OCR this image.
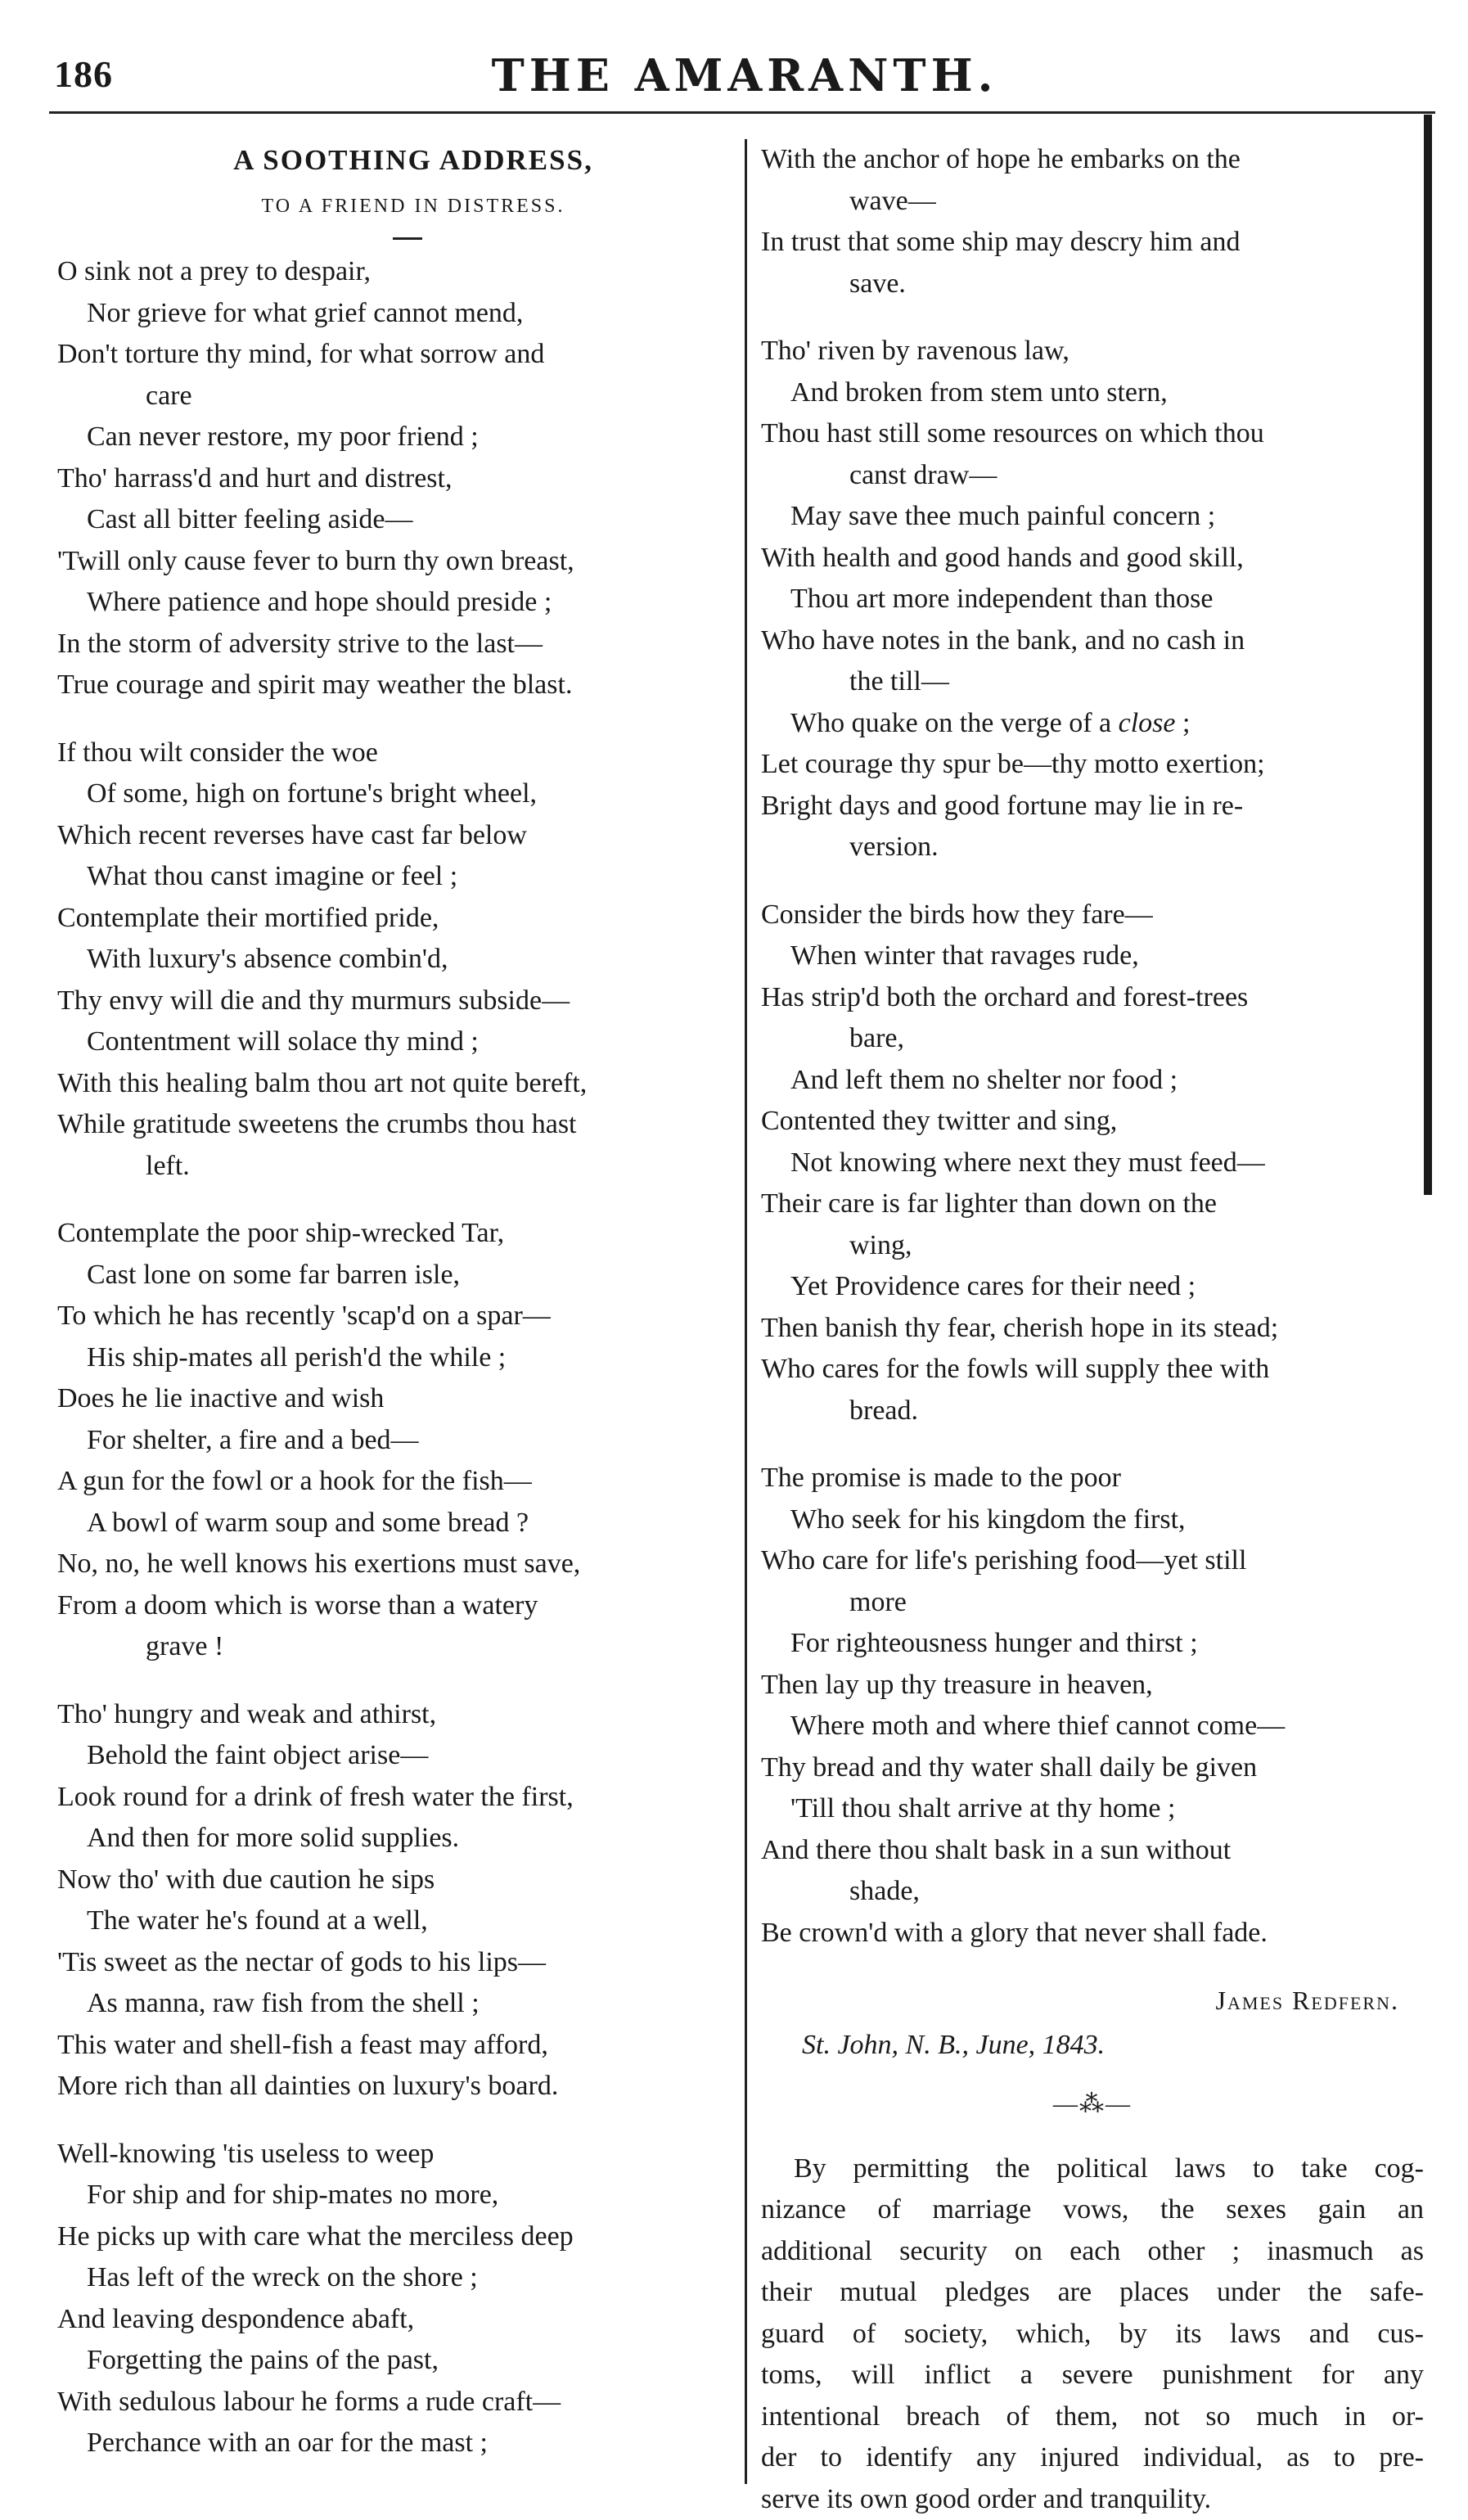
186	THE AMARANTH.
A SOOTHING ADDRESS,
TO A FRIEND IN DISTRESS.
O sink not a prey to despair,
Nor grieve for what grief cannot mend,
Don't torture thy mind, for what sorrow and
care
Can never restore, my poor friend ;
Tho' harrass'd and hurt and distrest,
Cast all bitter feeling aside—
'Twill only cause fever to burn thy own breast,
Where patience and hope should preside ;
In the storm of adversity strive to the last—
True courage and spirit may weather the blast.
If thou wilt consider the woe
Of some, high on fortune's bright wheel,
Which recent reverses have cast far below
What thou canst imagine or feel ;
Contemplate their mortified pride,
With luxury's absence combin'd,
Thy envy will die and thy murmurs subside—
Contentment will solace thy mind ;
With this healing balm thou art not quite bereft,
While gratitude sweetens the crumbs thou hast
left.
Contemplate the poor ship-wrecked Tar,
Cast lone on some far barren isle,
To which he has recently 'scap'd on a spar—
His ship-mates all perish'd the while ;
Does he lie inactive and wish
For shelter, a fire and a bed—
A gun for the fowl or a hook for the fish—
A bowl of warm soup and some bread ?
No, no, he well knows his exertions must save,
From a doom which is worse than a watery
grave !
Tho' hungry and weak and athirst,
Behold the faint object arise—
Look round for a drink of fresh water the first,
And then for more solid supplies.
Now tho' with due caution he sips
The water he's found at a well,
'Tis sweet as the nectar of gods to his lips—
As manna, raw fish from the shell ;
This water and shell-fish a feast may afford,
More rich than all dainties on luxury's board.
Well-knowing 'tis useless to weep
For ship and for ship-mates no more,
He picks up with care what the merciless deep
Has left of the wreck on the shore ;
And leaving despondence abaft,
Forgetting the pains of the past,
With sedulous labour he forms a rude craft—
Perchance with an oar for the mast ;
With the anchor of hope he embarks on the
wave—
In trust that some ship may descry him and
save.
Tho' riven by ravenous law,
And broken from stem unto stern,
Thou hast still some resources on which thou
canst draw—
May save thee much painful concern ;
With health and good hands and good skill,
Thou art more independent than those
Who have notes in the bank, and no cash in
the till—
Who quake on the verge of a close ;
Let courage thy spur be—thy motto exertion;
Bright days and good fortune may lie in re-
version.
Consider the birds how they fare—
When winter that ravages rude,
Has strip'd both the orchard and forest-trees
bare,
And left them no shelter nor food ;
Contented they twitter and sing,
Not knowing where next they must feed—
Their care is far lighter than down on the
wing,
Yet Providence cares for their need ;
Then banish thy fear, cherish hope in its stead;
Who cares for the fowls will supply thee with
bread.
The promise is made to the poor
Who seek for his kingdom the first,
Who care for life's perishing food—yet still
more
For righteousness hunger and thirst ;
Then lay up thy treasure in heaven,
Where moth and where thief cannot come—
Thy bread and thy water shall daily be given
'Till thou shalt arrive at thy home ;
And there thou shalt bask in a sun without
shade,
Be crown'd with a glory that never shall fade.
James Redfern.
St. John, N. B., June, 1843.
—⁂—
By permitting the political laws to take cog-
nizance of marriage vows, the sexes gain an
additional security on each other ; inasmuch as
their mutual pledges are places under the safe-
guard of society, which, by its laws and cus-
toms, will inflict a severe punishment for any
intentional breach of them, not so much in or-
der to identify any injured individual, as to pre-
serve its own good order and tranquility.
